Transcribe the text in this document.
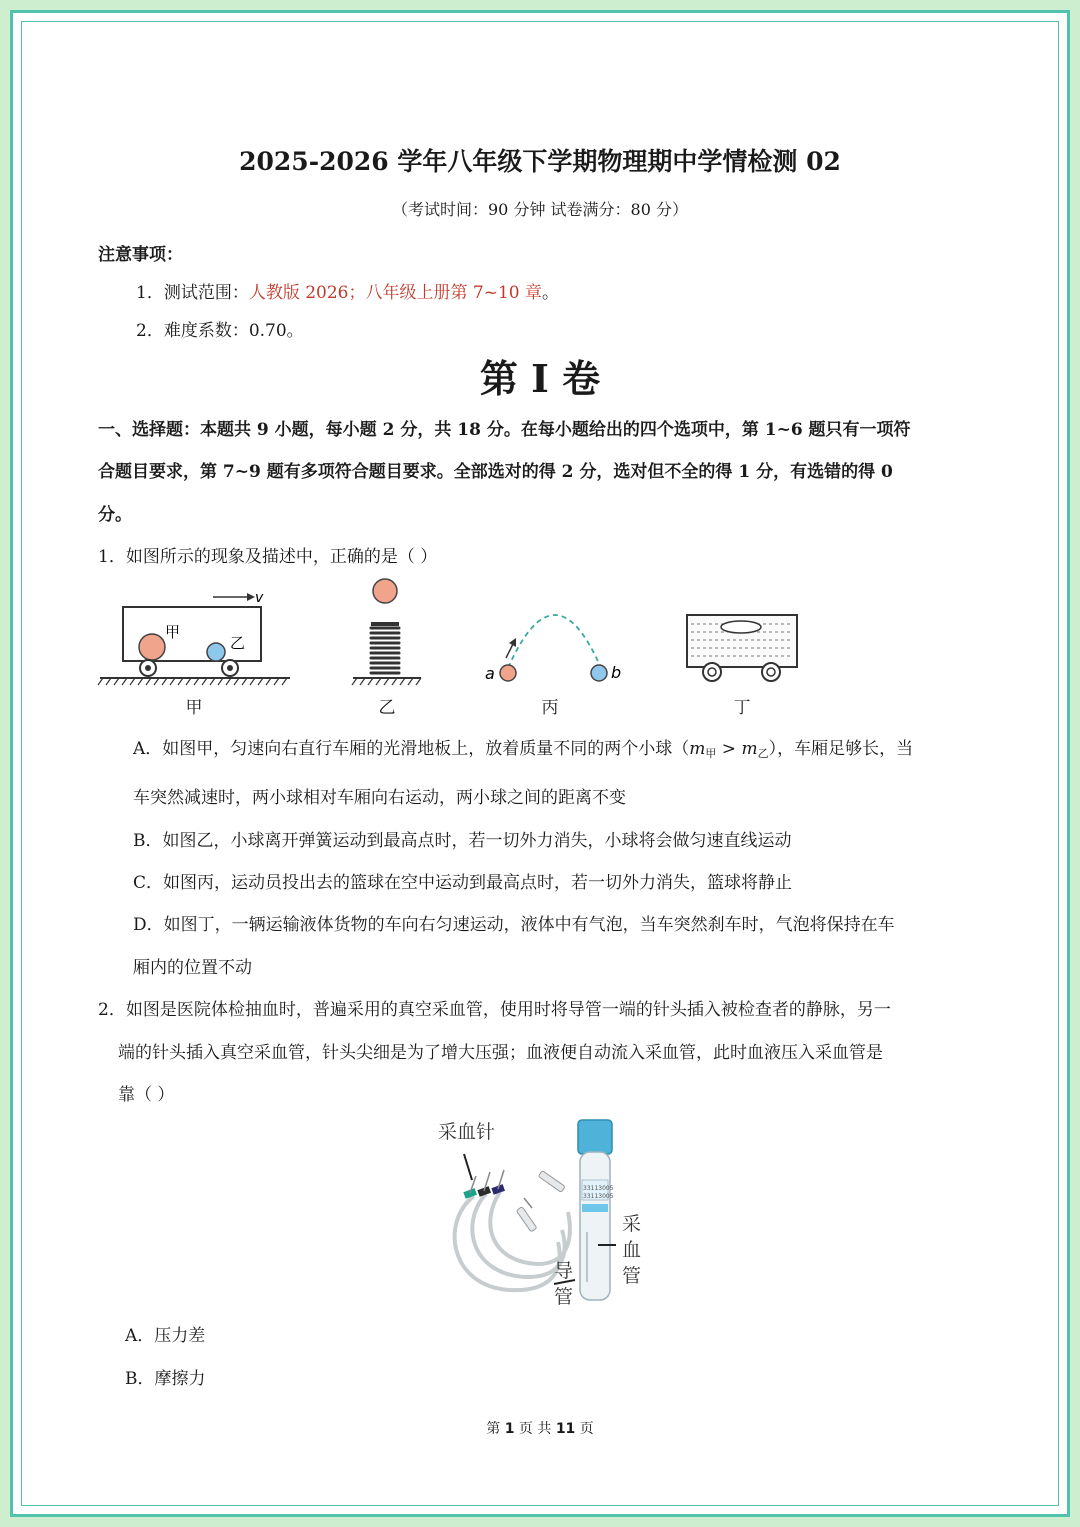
2025-2026 学年八年级下学期物理期中学情检测 02
（考试时间：90 分钟 试卷满分：80 分）
注意事项：
1．测试范围：人教版 2026；八年级上册第 7~10 章。
2．难度系数：0.70。
第 I 卷
一、选择题：本题共 9 小题，每小题 2 分，共 18 分。在每小题给出的四个选项中，第 1~6 题只有一项符
合题目要求，第 7~9 题有多项符合题目要求。全部选对的得 2 分，选对但不全的得 1 分，有选错的得 0
分。
1．如图所示的现象及描述中，正确的是（ ）
v
甲
乙
a	b
甲	乙	丙	丁
A．如图甲，匀速向右直行车厢的光滑地板上，放着质量不同的两个小球$(m_甲 > m_乙)$，车厢足够长，当
车突然减速时，两小球相对车厢向右运动，两小球之间的距离不变
B．如图乙，小球离开弹簧运动到最高点时，若一切外力消失，小球将会做匀速直线运动
C．如图丙，运动员投出去的篮球在空中运动到最高点时，若一切外力消失，篮球将静止
D．如图丁，一辆运输液体货物的车向右匀速运动，液体中有气泡，当车突然刹车时，气泡将保持在车
厢内的位置不动
2．如图是医院体检抽血时，普遍采用的真空采血管，使用时将导管一端的针头插入被检查者的静脉，另一
端的针头插入真空采血管，针头尖细是为了增大压强；血液便自动流入采血管，此时血液压入采血管是
靠（ ）
采血针
33113005
33113005
采
血
管
导
管
A．压力差
B．摩擦力
第 1 页 共 11 页
